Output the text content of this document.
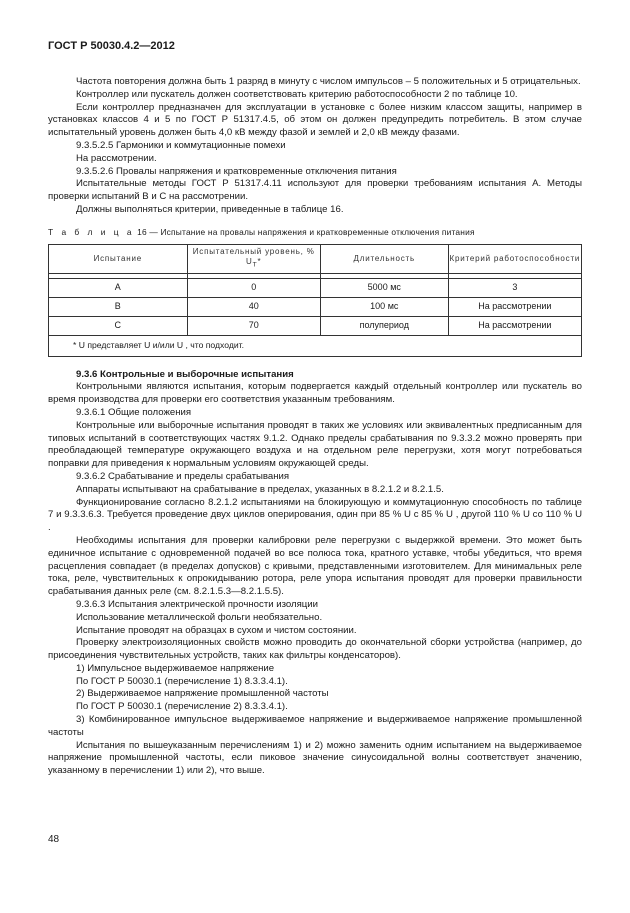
ГОСТ Р 50030.4.2—2012

Частота повторения должна быть 1 разряд в минуту с числом импульсов – 5 положительных и 5 отрицательных.

Контроллер или пускатель должен соответствовать критерию работоспособности 2 по таблице 10.

Если контроллер предназначен для эксплуатации в установке с более низким классом защиты, например в установках классов 4 и 5 по ГОСТ Р 51317.4.5, об этом он должен предупредить потребитель. В этом случае испытательный уровень должен быть 4,0 кВ между фазой и землей и 2,0 кВ между фазами.

9.3.5.2.5 Гармоники и коммутационные помехи

На рассмотрении.

9.3.5.2.6 Провалы напряжения и кратковременные отключения питания

Испытательные методы ГОСТ Р 51317.4.11 используют для проверки требованиям испытания А. Методы проверки испытаний В и С на рассмотрении.

Должны выполняться критерии, приведенные в таблице 16.

Т а б л и ц а 16 — Испытание на провалы напряжения и кратковременные отключения питания
Испытание	Испытательный уровень, % $U_Т*$	Длительность	Критерий работоспособности

А	0	5000 мс	3
В	40	100 мс	На рассмотрении
С	70	полупериод	На рассмотрении
* U представляет U и/или U , что подходит.			

9.3.6 Контрольные и выборочные испытания

Контрольными являются испытания, которым подвергается каждый отдельный контроллер или пускатель во время производства для проверки его соответствия указанным требованиям.

9.3.6.1 Общие положения

Контрольные или выборочные испытания проводят в таких же условиях или эквивалентных предписанным для типовых испытаний в соответствующих частях 9.1.2. Однако пределы срабатывания по 9.3.3.2 можно проверять при преобладающей температуре окружающего воздуха и на отдельном реле перегрузки, хотя могут потребоваться поправки для приведения к нормальным условиям окружающей среды.

9.3.6.2 Срабатывание и пределы срабатывания

Аппараты испытывают на срабатывание в пределах, указанных в 8.2.1.2 и 8.2.1.5.

Функционирование согласно 8.2.1.2 испытаниями на блокирующую и коммутационную способность по таблице 7 и 9.3.3.6.3. Требуется проведение двух циклов оперирования, один при 85 % U с 85 % U , другой 110 % U со 110 % U .

Необходимы испытания для проверки калибровки реле перегрузки с выдержкой времени. Это может быть единичное испытание с одновременной подачей во все полюса тока, кратного уставке, чтобы убедиться, что время расцепления совпадает (в пределах допусков) с кривыми, представленными изготовителем. Для минимальных реле тока, реле, чувствительных к опрокидыванию ротора, реле упора испытания проводят для проверки правильности срабатывания данных реле (см. 8.2.1.5.3—8.2.1.5.5).

9.3.6.3 Испытания электрической прочности изоляции

Использование металлической фольги необязательно.

Испытание проводят на образцах в сухом и чистом состоянии.

Проверку электроизоляционных свойств можно проводить до окончательной сборки устройства (например, до присоединения чувствительных устройств, таких как фильтры конденсаторов).

1) Импульсное выдерживаемое напряжение

По ГОСТ Р 50030.1 (перечисление 1) 8.3.3.4.1).

2) Выдерживаемое напряжение промышленной частоты

По ГОСТ Р 50030.1 (перечисление 2) 8.3.3.4.1).

3) Комбинированное импульсное выдерживаемое напряжение и выдерживаемое напряжение промышленной частоты

Испытания по вышеуказанным перечислениям 1) и 2) можно заменить одним испытанием на выдерживаемое напряжение промышленной частоты, если пиковое значение синусоидальной волны соответствует значению, указанному в перечислении 1) или 2), что выше.

48
